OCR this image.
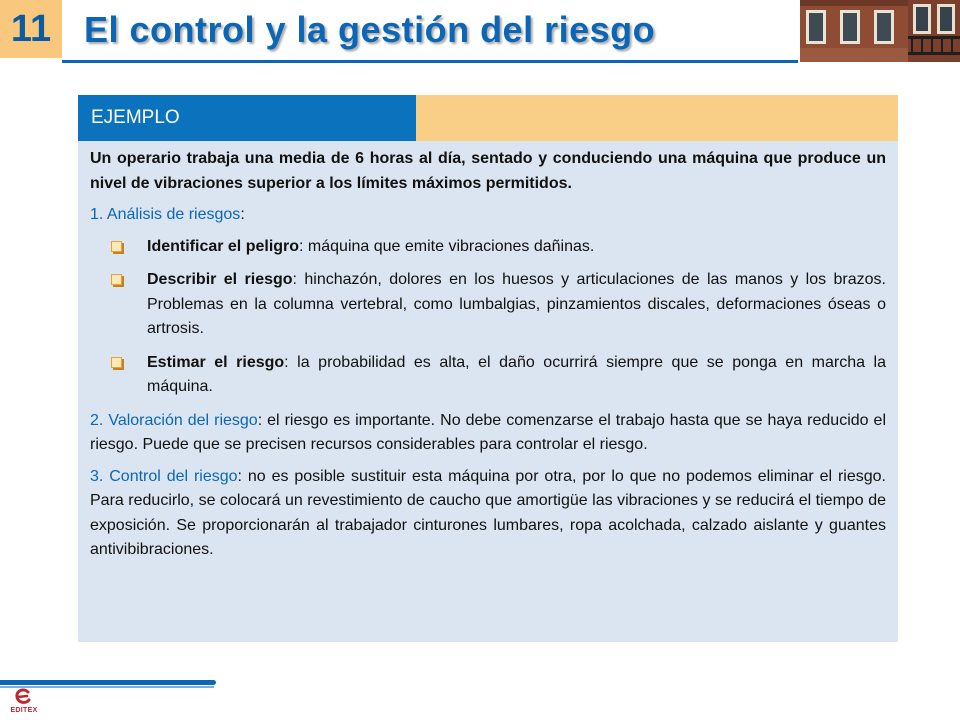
11 El control y la gestión del riesgo
EJEMPLO

Un operario trabaja una media de 6 horas al día, sentado y conduciendo una máquina que produce un nivel de vibraciones superior a los límites máximos permitidos.

1. Análisis de riesgos:

Identificar el peligro: máquina que emite vibraciones dañinas.
Describir el riesgo: hinchazón, dolores en los huesos y articulaciones de las manos y los brazos. Problemas en la columna vertebral, como lumbalgias, pinzamientos discales, deformaciones óseas o artrosis.
Estimar el riesgo: la probabilidad es alta, el daño ocurrirá siempre que se ponga en marcha la máquina.

2. Valoración del riesgo: el riesgo es importante. No debe comenzarse el trabajo hasta que se haya reducido el riesgo. Puede que se precisen recursos considerables para controlar el riesgo.

3. Control del riesgo: no es posible sustituir esta máquina por otra, por lo que no podemos eliminar el riesgo. Para reducirlo, se colocará un revestimiento de caucho que amortigüe las vibraciones y se reducirá el tiempo de exposición. Se proporcionarán al trabajador cinturones lumbares, ropa acolchada, calzado aislante y guantes antivibibraciones.

EDITEX
